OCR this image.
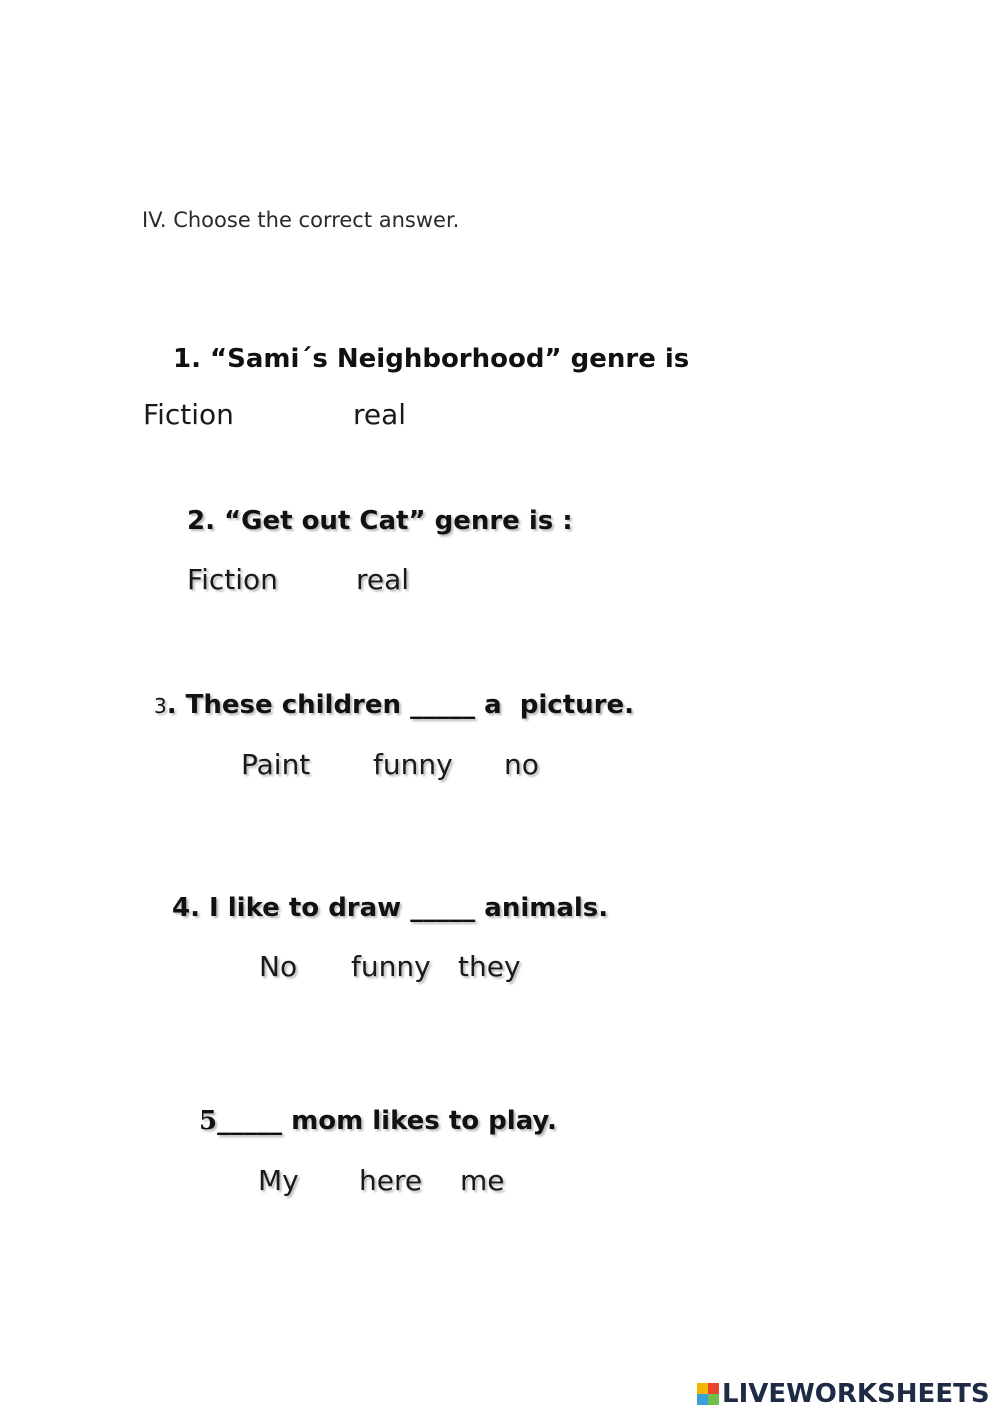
IV. Choose the correct answer.
1. “Sami´s Neighborhood” genre is
Fiction	real
2. “Get out Cat” genre is :
Fiction	real
3. These children _____ a  picture.
Paint funny no
4. I like to draw _____ animals.
No funny they
5_____ mom likes to play.
My here me
LIVEWORKSHEETS
